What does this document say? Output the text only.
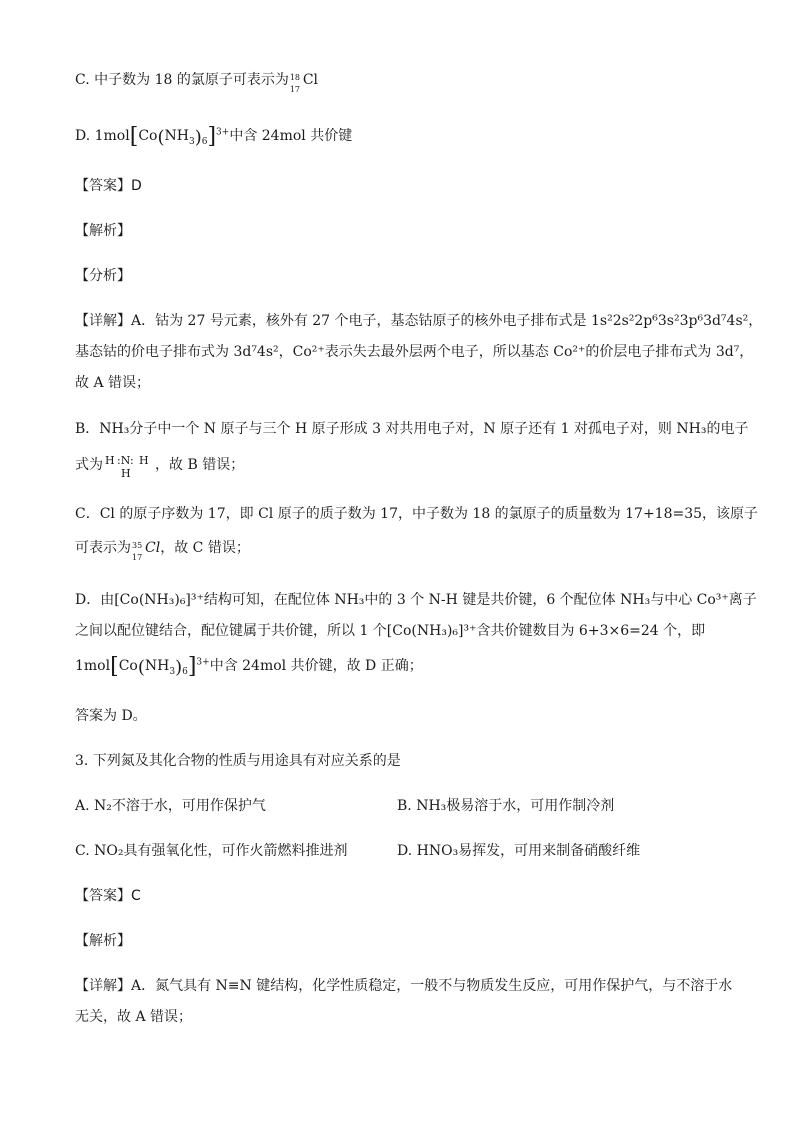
C. 中子数为 18 的氯原子可表示为 18
17
Cl
D. $1mol[Co(NH_3)_6]^{3+}$中含 24mol 共价键
【答案】D
【解析】
【分析】
【详解】A．钴为 27 号元素，核外有 27 个电子，基态钴原子的核外电子排布式是 1s²2s²2p⁶3s²3p⁶3d⁷4s²，
基态钴的价电子排布式为 3d⁷4s²，Co²⁺表示失去最外层两个电子，所以基态 Co²⁺的价层电子排布式为 3d⁷，
故 A 错误；
B．NH₃分子中一个 N 原子与三个 H 原子形成 3 对共用电子对，N 原子还有 1 对孤电子对，则 NH₃的电子
式为 H :N: H
H
，故 B 错误；
C．Cl 的原子序数为 17，即 Cl 原子的质子数为 17，中子数为 18 的氯原子的质量数为 17+18=35，该原子
可表示为 35
17
Cl，故 C 错误；
D．由[Co(NH₃)₆]³⁺结构可知，在配位体 NH₃中的 3 个 N-H 键是共价键，6 个配位体 NH₃与中心 Co³⁺离子
之间以配位键结合，配位键属于共价键，所以 1 个[Co(NH₃)₆]³⁺含共价键数目为 6+3×6=24 个，即
$1mol[Co(NH_3)_6]^{3+}$中含 24mol 共价键，故 D 正确；
答案为 D。
3. 下列氮及其化合物的性质与用途具有对应关系的是
A. N₂不溶于水，可用作保护气	B. NH₃极易溶于水，可用作制冷剂
C. NO₂具有强氧化性，可作火箭燃料推进剂	D. HNO₃易挥发，可用来制备硝酸纤维
【答案】C
【解析】
【详解】A．氮气具有 N≡N 键结构，化学性质稳定，一般不与物质发生反应，可用作保护气，与不溶于水
无关，故 A 错误；
